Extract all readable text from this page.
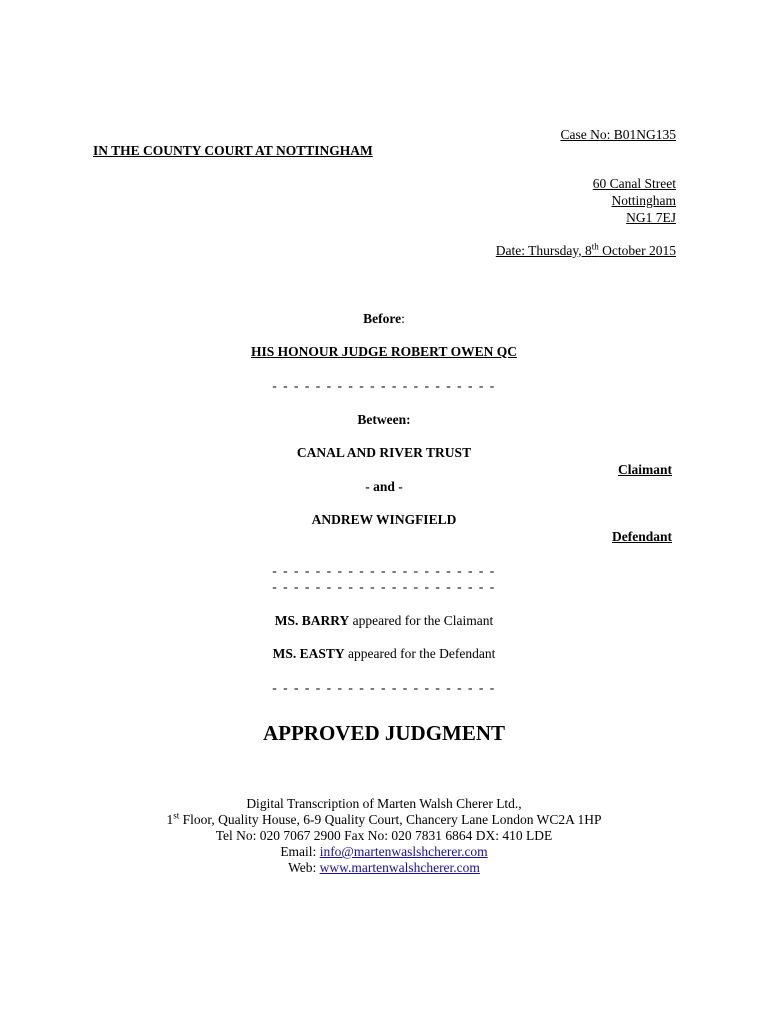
Case No: B01NG135
IN THE COUNTY COURT AT NOTTINGHAM
60 Canal Street
Nottingham
NG1 7EJ
Date: Thursday, 8th October 2015
Before:
HIS HONOUR JUDGE ROBERT OWEN QC
- - - - - - - - - - - - - - - - - - - - -
Between:
CANAL AND RIVER TRUST
Claimant
- and -
ANDREW WINGFIELD
Defendant
- - - - - - - - - - - - - - - - - - - - -
- - - - - - - - - - - - - - - - - - - - -
MS. BARRY appeared for the Claimant
MS. EASTY appeared for the Defendant
- - - - - - - - - - - - - - - - - - - - -
APPROVED JUDGMENT
Digital Transcription of Marten Walsh Cherer Ltd.,
1st Floor, Quality House, 6-9 Quality Court, Chancery Lane London WC2A 1HP
Tel No: 020 7067 2900 Fax No: 020 7831 6864 DX: 410 LDE
Email: info@martenwaslshcherer.com
Web: www.martenwalshcherer.com
